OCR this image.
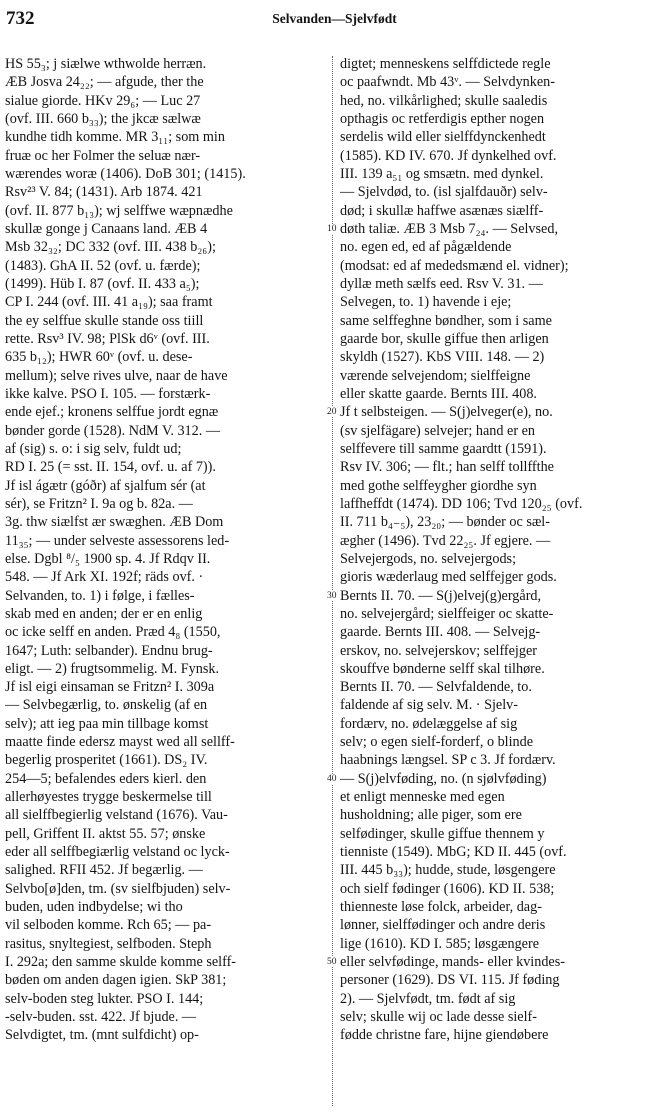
732	Selvanden—Sjelvfødt
HS 55₃; j siælwe wthwolde herræn.
ÆB Josva 24₂₂; — afgude, ther the
sialue giorde. HKv 29₆; — Luc 27
(ovf. III. 660 b₃₃); the jkcæ sælwæ
kundhe tidh komme. MR 3₁₁; som min
fruæ oc her Folmer the seluæ nær-
wærendes woræ (1406). DoB 301; (1415).
Rsv²³ V. 84; (1431). Arb 1874. 421
(ovf. II. 877 b₁₃); wj selffwe wæpnædhe
skullæ gonge j Canaans land. ÆB 4
Msb 32₃₂; DC 332 (ovf. III. 438 b₂₆);
(1483). GhA II. 52 (ovf. u. færde);
(1499). Hüb I. 87 (ovf. II. 433 a₅);
CP I. 244 (ovf. III. 41 a₁₉); saa framt
the ey selffue skulle stande oss tiill
rette. Rsv³ IV. 98; PlSk d6ᵛ (ovf. III.
635 b₁₂); HWR 60ᵛ (ovf. u. dese-
mellum); selve rives ulve, naar de have
ikke kalve. PSO I. 105. — forstærk-
ende ejef.; kronens selffue jordt egnæ
bønder gorde (1528). NdM V. 312. —
af (sig) s. o: i sig selv, fuldt ud;
RD I. 25 (= sst. II. 154, ovf. u. af 7)).
Jf isl ágætr (góðr) af sjalfum sér (at
sér), se Fritzn² I. 9a og b. 82a. —
3g. thw siælfst ær swæghen. ÆB Dom
11₃₅; — under selveste assessorens led-
else. Dgbl ⁸/₅ 1900 sp. 4. Jf Rdqv II.
548. — Jf Ark XI. 192f; räds ovf. ·
Selvanden, to. 1) i følge, i fælles-
skab med en anden; der er en enlig
oc icke selff en anden. Præd 4₈ (1550,
1647; Luth: selbander). Endnu brug-
eligt. — 2) frugtsommelig. M. Fynsk.
Jf isl eigi einsaman se Fritzn² I. 309a
— Selvbegærlig, to. ønskelig (af en
selv); att ieg paa min tillbage komst
maatte finde edersz mayst wed all sellff-
begerlig prosperitet (1661). DS₂ IV.
254—5; befalendes eders kierl. den
allerhøyestes trygge beskermelse till
all sielffbegierlig velstand (1676). Vau-
pell, Griffent II. aktst 55. 57; ønske
eder all selffbegiærlig velstand oc lyck-
salighed. RFII 452. Jf begærlig. —
Selvbo[ø]den, tm. (sv sielfbjuden) selv-
buden, uden indbydelse; wi tho
vil selboden komme. Rch 65; — pa-
rasitus, snyltegiest, selfboden. Steph
I. 292a; den samme skulde komme selff-
bøden om anden dagen igien. SkP 381;
selv-boden steg lukter. PSO I. 144;
-selv-buden. sst. 422. Jf bjude. —
Selvdigtet, tm. (mnt sulfdicht) op-
digtet; menneskens selffdictede regle
oc paafwndt. Mb 43ᵛ. — Selvdynken-
hed, no. vilkårlighed; skulle saaledis
opthagis oc retferdigis epther nogen
serdelis wild eller sielffdynckenhedt
(1585). KD IV. 670. Jf dynkelhed ovf.
III. 139 a₅₁ og smsætn. med dynkel.
— Sjelvdød, to. (isl sjalfdauðr) selv-
død; i skullæ haffwe asænæs siælff-
døth taliæ. ÆB 3 Msb 7₂₄. — Selvsed,
no. egen ed, ed af pågældende
(modsat: ed af mededsmænd el. vidner);
dyllæ meth sælfs eed. Rsv V. 31. —
Selvegen, to. 1) havende i eje;
same selffeghne bøndher, som i same
gaarde bor, skulle giffue then arligen
skyldh (1527). KbS VIII. 148. — 2)
værende selvejendom; sielffeigne
eller skatte gaarde. Bernts III. 408.
Jf t selbsteigen. — S(j)elveger(e), no.
(sv sjelfägare) selvejer; hand er en
selffevere till samme gaardtt (1591).
Rsv IV. 306; — flt.; han selff tollffthe
med gothe selffeygher giordhe syn
laffheffdt (1474). DD 106; Tvd 120₂₅ (ovf.
II. 711 b₄₋₅), 23₂₀; — bønder oc sæl-
ægher (1496). Tvd 22₂₅. Jf egjere. —
Selvejergods, no. selvejergods;
gioris wæderlaug med selffejger gods.
Bernts II. 70. — S(j)elvej(g)ergård,
no. selvejergård; sielffeiger oc skatte-
gaarde. Bernts III. 408. — Selvejg-
erskov, no. selvejerskov; selffejger
skouffve bønderne selff skal tilhøre.
Bernts II. 70. — Selvfaldende, to.
faldende af sig selv. M. · Sjelv-
fordærv, no. ødelæggelse af sig
selv; o egen sielf-forderf, o blinde
haabnings længsel. SP c 3. Jf fordærv.
— S(j)elvføding, no. (n sjølvføding)
et enligt menneske med egen
husholdning; alle piger, som ere
selfødinger, skulle giffue thennem y
tienniste (1549). MbG; KD II. 445 (ovf.
III. 445 b₃₃); hudde, stude, løsgengere
och sielf fødinger (1606). KD II. 538;
thienneste løse folck, arbeider, dag-
lønner, sielffødinger och andre deris
lige (1610). KD I. 585; løsgængere
eller selvfødinge, mands- eller kvindes-
personer (1629). DS VI. 115. Jf føding
2). — Sjelvfødt, tm. født af sig
selv; skulle wij oc lade desse sielf-
fødde christne fare, hijne giendøbere
10
20
30
40
50
